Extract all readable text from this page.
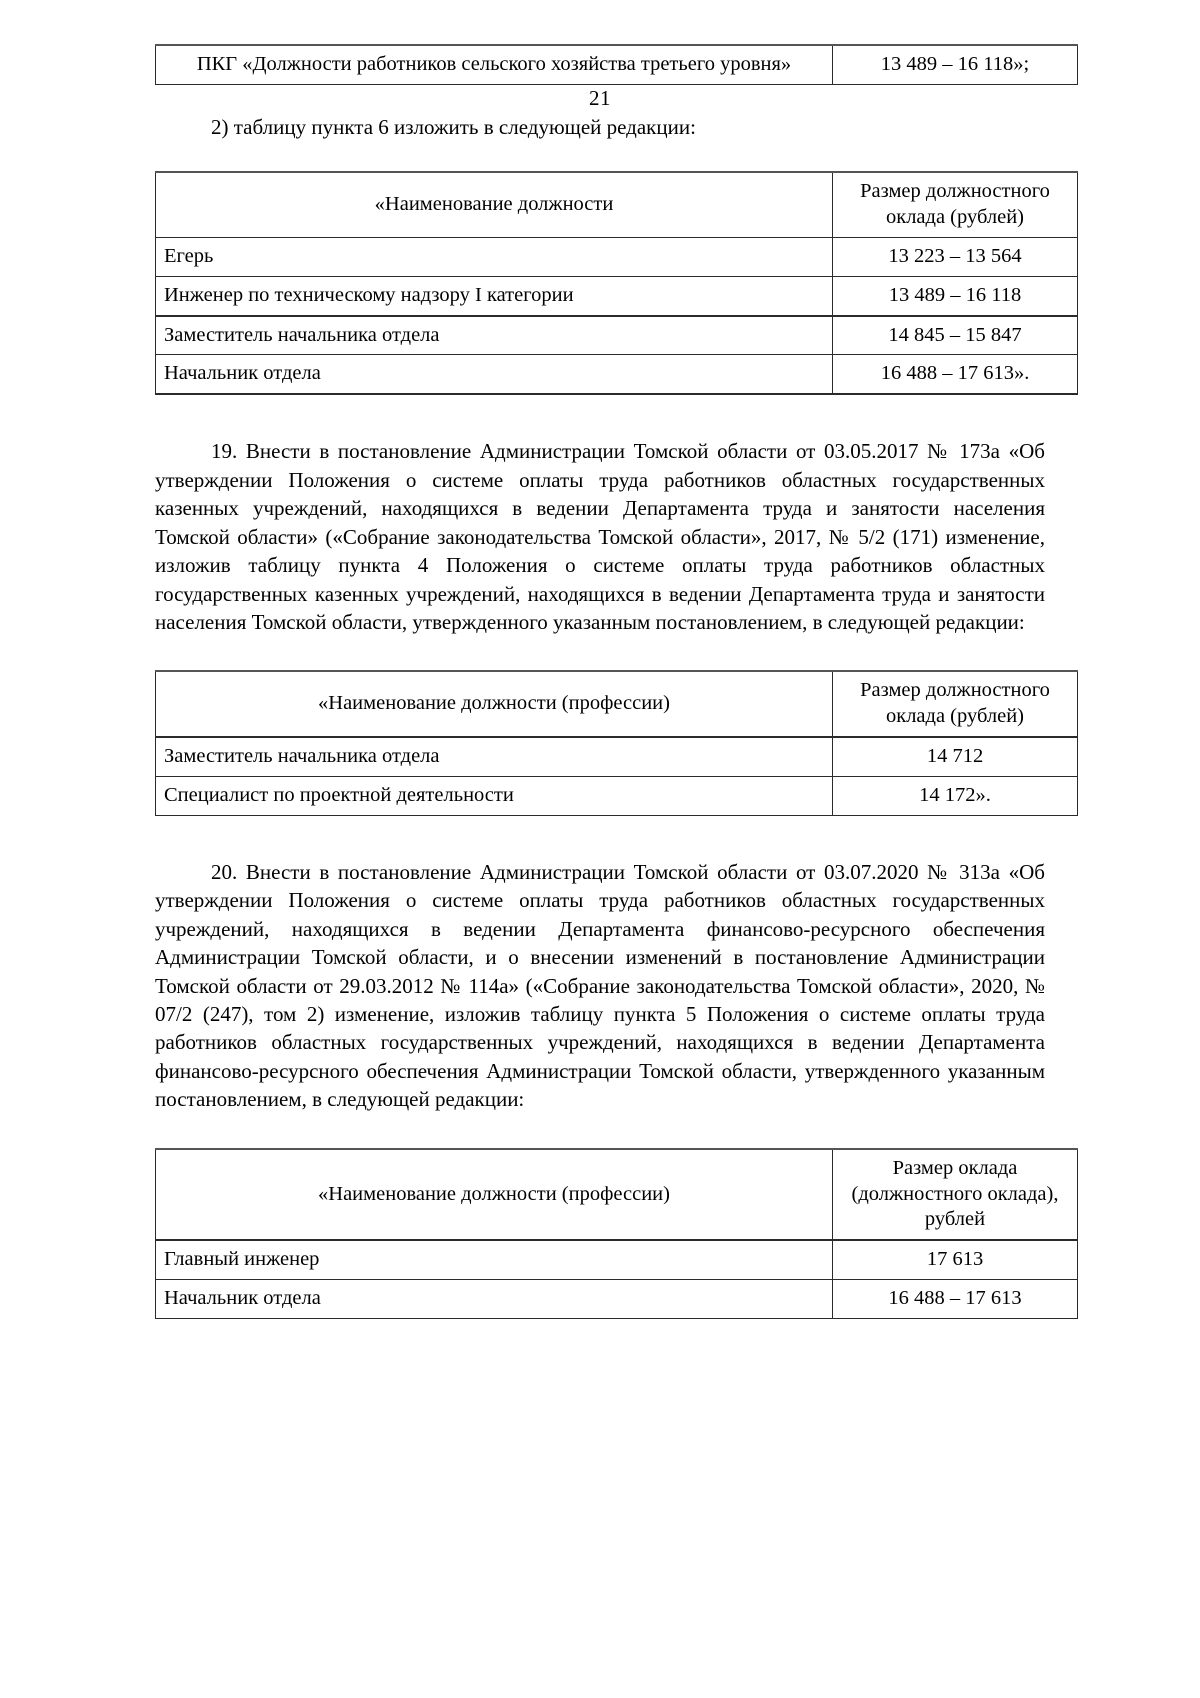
21
ПКГ «Должности работников сельского хозяйства третьего уровня»	13 489 – 16 118»;

2) таблицу пункта 6 изложить в следующей редакции:

«Наименование должности	Размер должностного оклада (рублей)
Егерь	13 223 – 13 564
Инженер по техническому надзору I категории	13 489 – 16 118
Заместитель начальника отдела	14 845 – 15 847
Начальник отдела	16 488 – 17 613».

19. Внести в постановление Администрации Томской области от 03.05.2017 № 173а «Об утверждении Положения о системе оплаты труда работников областных государственных казенных учреждений, находящихся в ведении Департамента труда и занятости населения Томской области» («Собрание законодательства Томской области», 2017, № 5/2 (171) изменение, изложив таблицу пункта 4 Положения о системе оплаты труда работников областных государственных казенных учреждений, находящихся в ведении Департамента труда и занятости населения Томской области, утвержденного указанным постановлением, в следующей редакции:

«Наименование должности (профессии)	Размер должностного оклада (рублей)
Заместитель начальника отдела	14 712
Специалист по проектной деятельности	14 172».

20. Внести в постановление Администрации Томской области от 03.07.2020 № 313а «Об утверждении Положения о системе оплаты труда работников областных государственных учреждений, находящихся в ведении Департамента финансово-ресурсного обеспечения Администрации Томской области, и о внесении изменений в постановление Администрации Томской области от 29.03.2012 № 114а» («Собрание законодательства Томской области», 2020, № 07/2 (247), том 2) изменение, изложив таблицу пункта 5 Положения о системе оплаты труда работников областных государственных учреждений, находящихся в ведении Департамента финансово-ресурсного обеспечения Администрации Томской области, утвержденного указанным постановлением, в следующей редакции:

«Наименование должности (профессии)	Размер оклада (должностного оклада), рублей
Главный инженер	17 613
Начальник отдела	16 488 – 17 613
